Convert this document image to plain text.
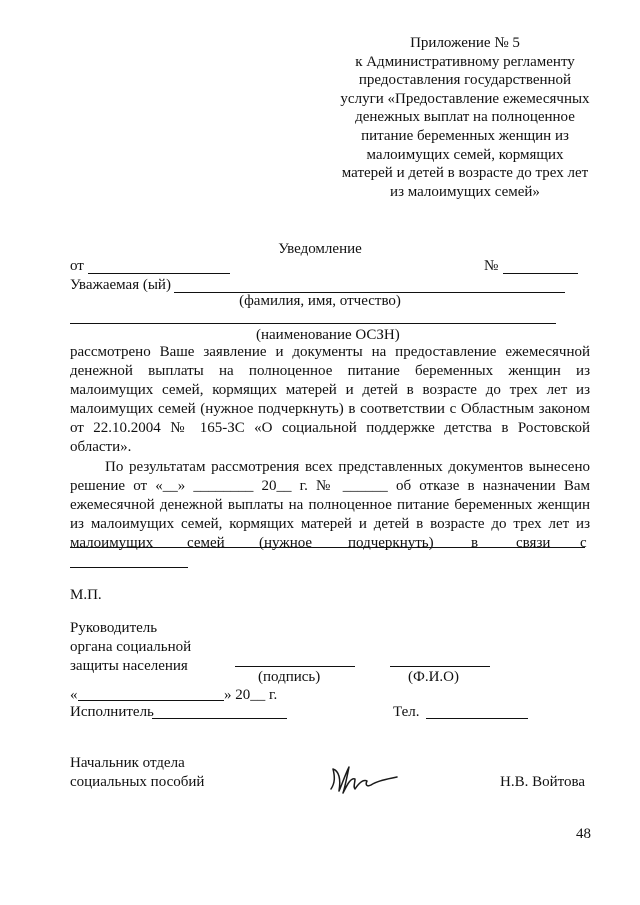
Приложение № 5
к Административному регламенту
предоставления государственной
услуги «Предоставление ежемесячных
денежных выплат на полноценное
питание беременных женщин из
малоимущих семей, кормящих
матерей и детей в возрасте до трех лет
из малоимущих семей»
Уведомление
от	№
Уважаемая (ый)
(фамилия, имя, отчество)
(наименование ОСЗН)
рассмотрено Ваше заявление и документы на предоставление ежемесячной
денежной выплаты на полноценное питание беременных женщин из
малоимущих семей, кормящих матерей и детей в возрасте до трех лет из
малоимущих семей (нужное подчеркнуть) в соответствии с Областным законом
от 22.10.2004 № 165-ЗС «О социальной поддержке детства в Ростовской
области».
По результатам рассмотрения всех представленных документов вынесено
решение от «__» ________ 20__ г. № ______ об отказе в назначении Вам
ежемесячной денежной выплаты на полноценное питание беременных женщин
из малоимущих семей, кормящих матерей и детей в возрасте до трех лет из
малоимущих семей (нужное подчеркнуть) в	связи с
М.П.
Руководитель
органа социальной
защиты населения
(подпись)	(Ф.И.О)
«	» 20__ г.
Исполнитель	Тел.
Начальник отдела
социальных пособий	Н.В. Войтова
48
